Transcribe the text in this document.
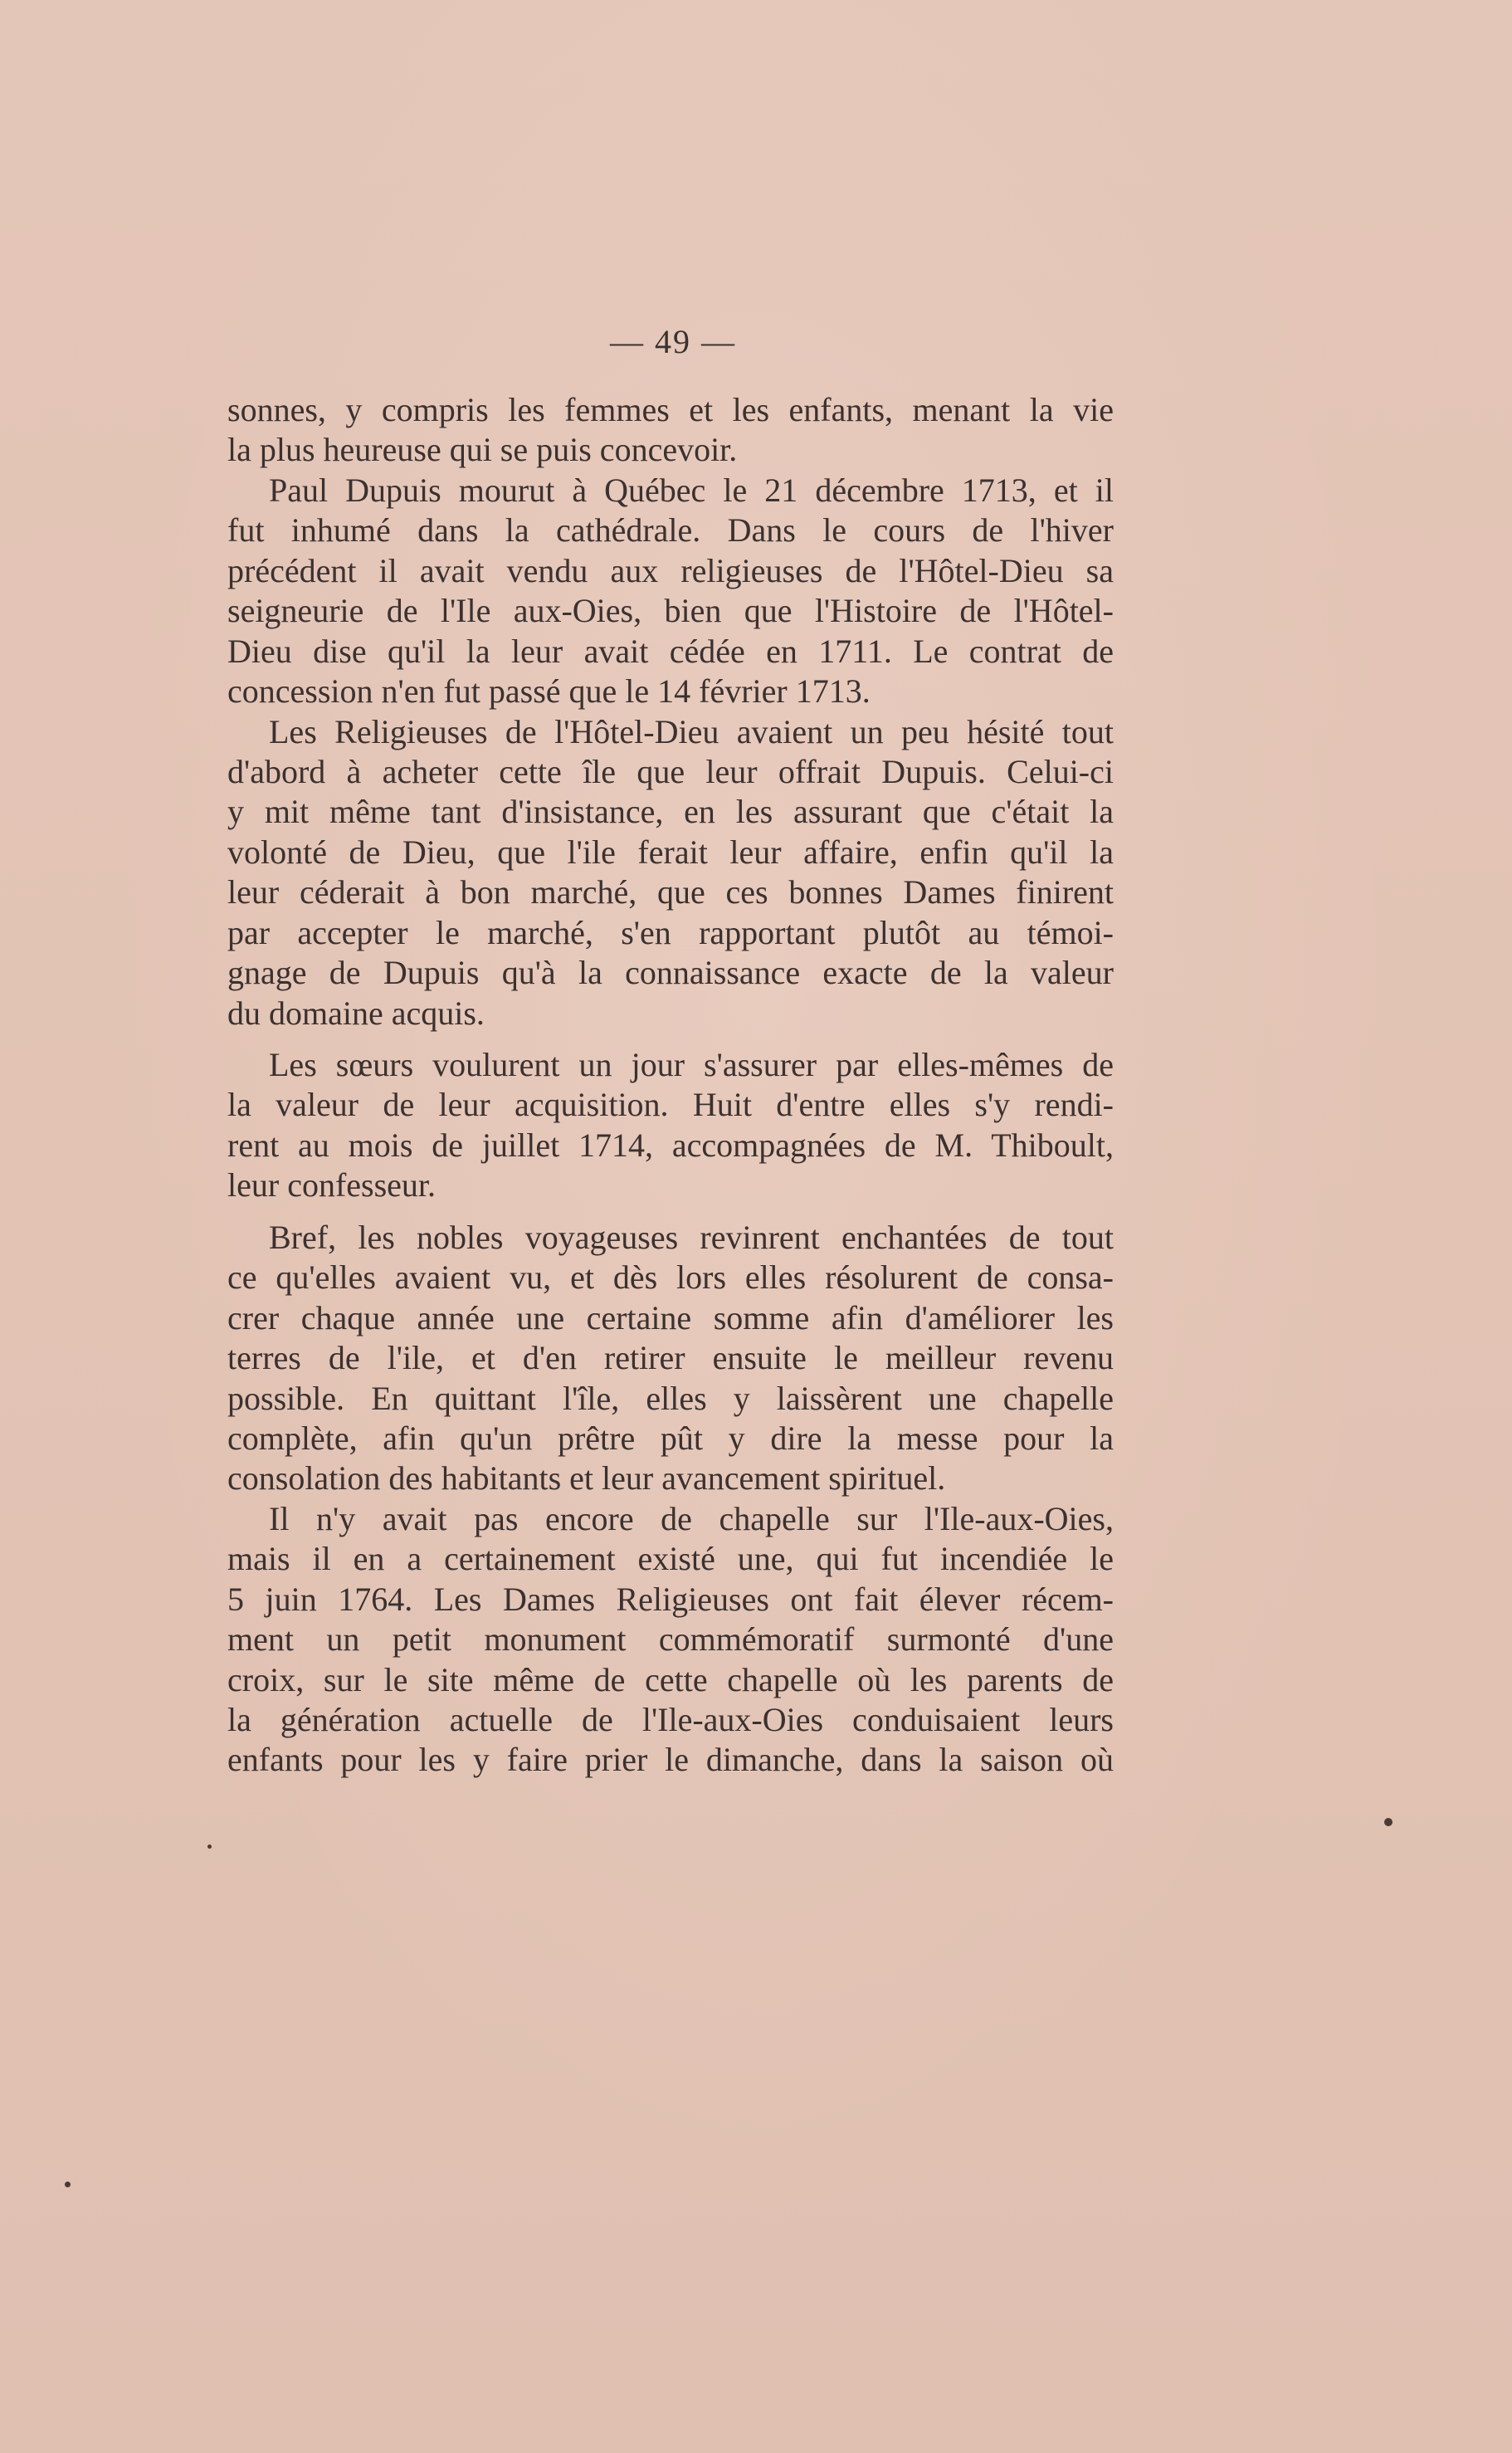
— 49 —

sonnes, y compris les femmes et les enfants, menant la vie
la plus heureuse qui se puis concevoir.
Paul Dupuis mourut à Québec le 21 décembre 1713, et il
fut inhumé dans la cathédrale. Dans le cours de l'hiver
précédent il avait vendu aux religieuses de l'Hôtel-Dieu sa
seigneurie de l'Ile aux-Oies, bien que l'Histoire de l'Hôtel-
Dieu dise qu'il la leur avait cédée en 1711. Le contrat de
concession n'en fut passé que le 14 février 1713.
Les Religieuses de l'Hôtel-Dieu avaient un peu hésité tout
d'abord à acheter cette île que leur offrait Dupuis. Celui-ci
y mit même tant d'insistance, en les assurant que c'était la
volonté de Dieu, que l'ile ferait leur affaire, enfin qu'il la
leur céderait à bon marché, que ces bonnes Dames finirent
par accepter le marché, s'en rapportant plutôt au témoi-
gnage de Dupuis qu'à la connaissance exacte de la valeur
du domaine acquis.
Les sœurs voulurent un jour s'assurer par elles-mêmes de
la valeur de leur acquisition. Huit d'entre elles s'y rendi-
rent au mois de juillet 1714, accompagnées de M. Thiboult,
leur confesseur.
Bref, les nobles voyageuses revinrent enchantées de tout
ce qu'elles avaient vu, et dès lors elles résolurent de consa-
crer chaque année une certaine somme afin d'améliorer les
terres de l'ile, et d'en retirer ensuite le meilleur revenu
possible. En quittant l'île, elles y laissèrent une chapelle
complète, afin qu'un prêtre pût y dire la messe pour la
consolation des habitants et leur avancement spirituel.
Il n'y avait pas encore de chapelle sur l'Ile-aux-Oies,
mais il en a certainement existé une, qui fut incendiée le
5 juin 1764. Les Dames Religieuses ont fait élever récem-
ment un petit monument commémoratif surmonté d'une
croix, sur le site même de cette chapelle où les parents de
la génération actuelle de l'Ile-aux-Oies conduisaient leurs
enfants pour les y faire prier le dimanche, dans la saison où
